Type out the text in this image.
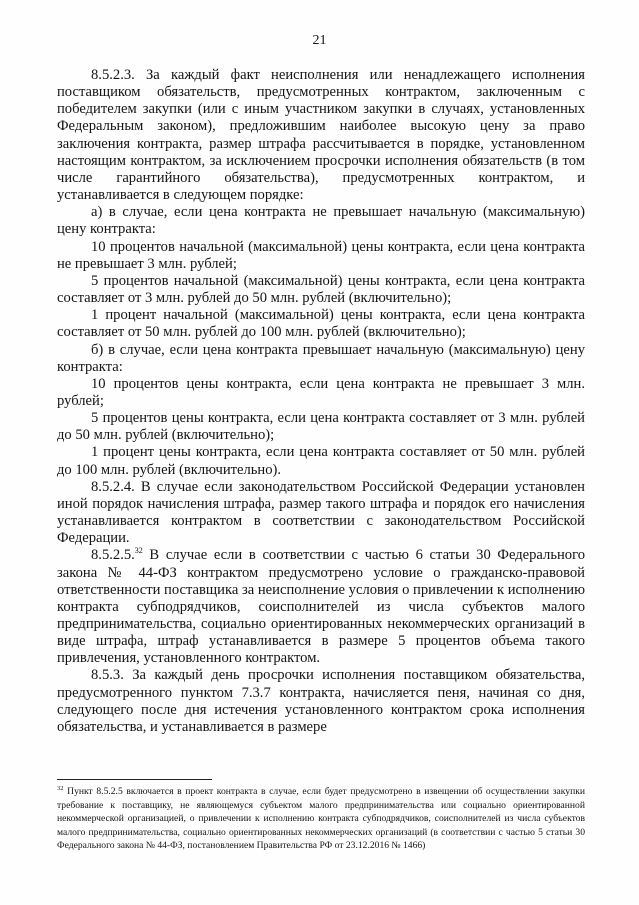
21

8.5.2.3. За каждый факт неисполнения или ненадлежащего исполнения поставщиком обязательств, предусмотренных контрактом, заключенным с победителем закупки (или с иным участником закупки в случаях, установленных Федеральным законом), предложившим наиболее высокую цену за право заключения контракта, размер штрафа рассчитывается в порядке, установленном настоящим контрактом, за исключением просрочки исполнения обязательств (в том числе гарантийного обязательства), предусмотренных контрактом, и устанавливается в следующем порядке:

а) в случае, если цена контракта не превышает начальную (максимальную) цену контракта:

10 процентов начальной (максимальной) цены контракта, если цена контракта не превышает 3 млн. рублей;

5 процентов начальной (максимальной) цены контракта, если цена контракта составляет от 3 млн. рублей до 50 млн. рублей (включительно);

1 процент начальной (максимальной) цены контракта, если цена контракта составляет от 50 млн. рублей до 100 млн. рублей (включительно);

б) в случае, если цена контракта превышает начальную (максимальную) цену контракта:

10 процентов цены контракта, если цена контракта не превышает 3 млн. рублей;

5 процентов цены контракта, если цена контракта составляет от 3 млн. рублей до 50 млн. рублей (включительно);

1 процент цены контракта, если цена контракта составляет от 50 млн. рублей до 100 млн. рублей (включительно).

8.5.2.4. В случае если законодательством Российской Федерации установлен иной порядок начисления штрафа, размер такого штрафа и порядок его начисления устанавливается контрактом в соответствии с законодательством Российской Федерации.

8.5.2.5.32 В случае если в соответствии с частью 6 статьи 30 Федерального закона № 44-ФЗ контрактом предусмотрено условие о гражданско-правовой ответственности поставщика за неисполнение условия о привлечении к исполнению контракта субподрядчиков, соисполнителей из числа субъектов малого предпринимательства, социально ориентированных некоммерческих организаций в виде штрафа, штраф устанавливается в размере 5 процентов объема такого привлечения, установленного контрактом.

8.5.3. За каждый день просрочки исполнения поставщиком обязательства, предусмотренного пунктом 7.3.7 контракта, начисляется пеня, начиная со дня, следующего после дня истечения установленного контрактом срока исполнения обязательства, и устанавливается в размере

$^{32}$ Пункт 8.5.2.5 включается в проект контракта в случае, если будет предусмотрено в извещении об осуществлении закупки требование к поставщику, не являющемуся субъектом малого предпринимательства или социально ориентированной некоммерческой организацией, о привлечении к исполнению контракта субподрядчиков, соисполнителей из числа субъектов малого предпринимательства, социально ориентированных некоммерческих организаций (в соответствии с частью 5 статьи 30 Федерального закона № 44-ФЗ, постановлением Правительства РФ от 23.12.2016 № 1466)
